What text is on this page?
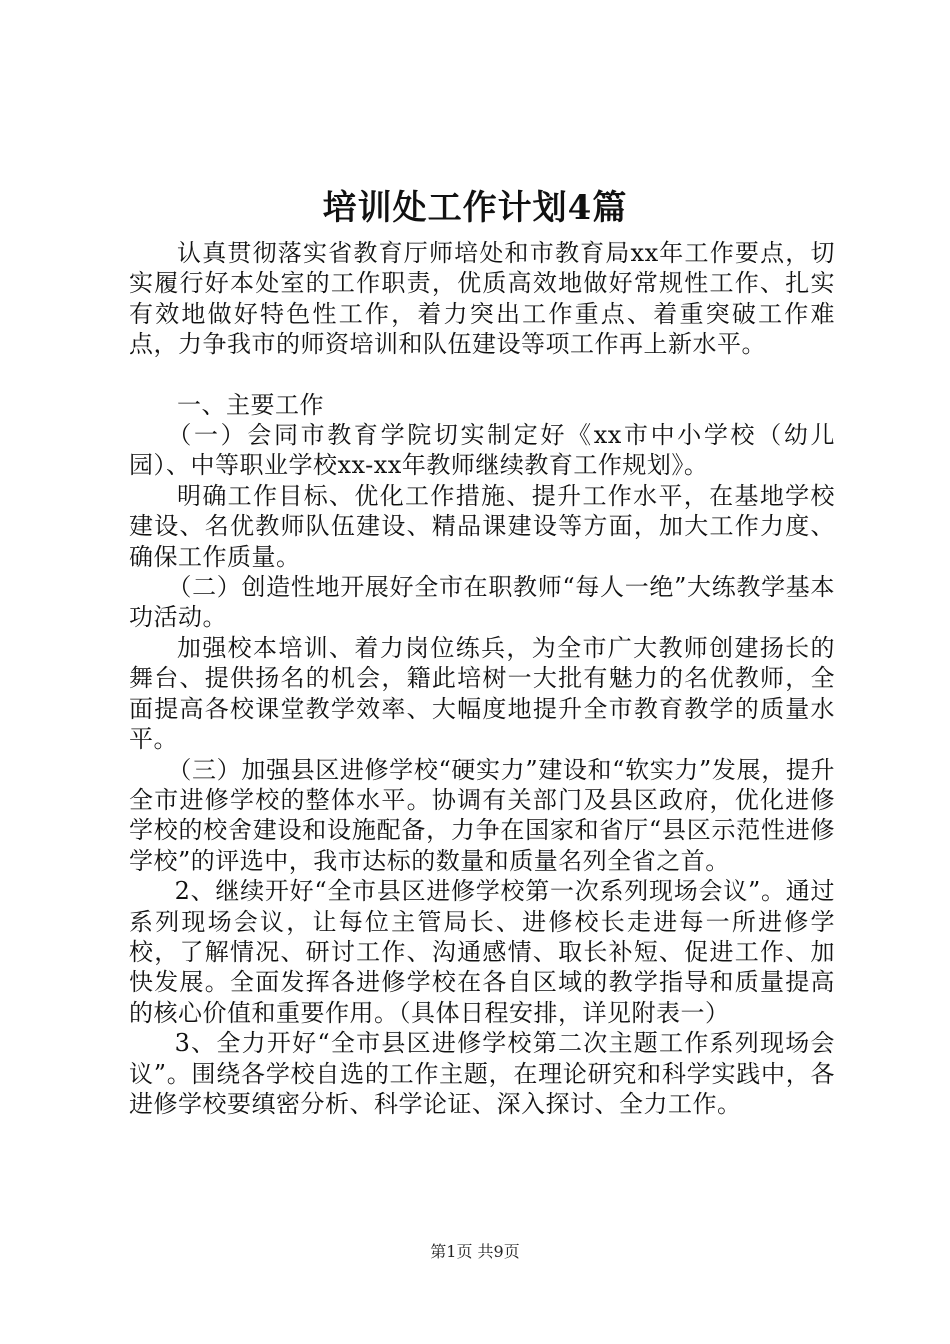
培训处工作计划4篇

认真贯彻落实省教育厅师培处和市教育局xx年工作要点，切实履行好本处室的工作职责，优质高效地做好常规性工作、扎实有效地做好特色性工作，着力突出工作重点、着重突破工作难点，力争我市的师资培训和队伍建设等项工作再上新水平。

一、主要工作

（一）会同市教育学院切实制定好《xx市中小学校（幼儿园）、中等职业学校xx-xx年教师继续教育工作规划》。

明确工作目标、优化工作措施、提升工作水平，在基地学校建设、名优教师队伍建设、精品课建设等方面，加大工作力度、确保工作质量。

（二）创造性地开展好全市在职教师“每人一绝”大练教学基本功活动。

加强校本培训、着力岗位练兵，为全市广大教师创建扬长的舞台、提供扬名的机会，籍此培树一大批有魅力的名优教师，全面提高各校课堂教学效率、大幅度地提升全市教育教学的质量水平。

（三）加强县区进修学校“硬实力”建设和“软实力”发展，提升全市进修学校的整体水平。协调有关部门及县区政府，优化进修学校的校舍建设和设施配备，力争在国家和省厅“县区示范性进修学校”的评选中，我市达标的数量和质量名列全省之首。

2、继续开好“全市县区进修学校第一次系列现场会议”。通过系列现场会议，让每位主管局长、进修校长走进每一所进修学校，了解情况、研讨工作、沟通感情、取长补短、促进工作、加快发展。全面发挥各进修学校在各自区域的教学指导和质量提高的核心价值和重要作用。（具体日程安排，详见附表一）

3、全力开好“全市县区进修学校第二次主题工作系列现场会议”。围绕各学校自选的工作主题，在理论研究和科学实践中，各进修学校要缜密分析、科学论证、深入探讨、全力工作。

第1页 共9页
